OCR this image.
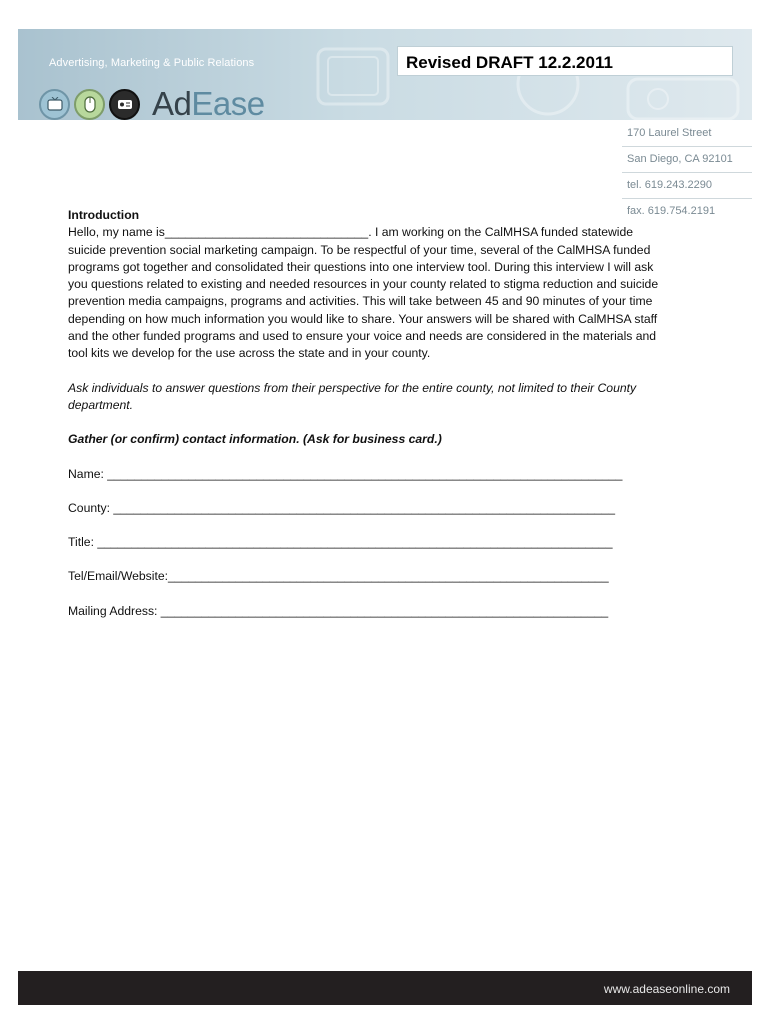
Advertising, Marketing & Public Relations	Revised DRAFT 12.2.2011
AdEase
170 Laurel Street
San Diego, CA 92101
tel. 619.243.2290
fax. 619.754.2191
Introduction

Hello, my name is______________________________. I am working on the CalMHSA funded statewide suicide prevention social marketing campaign. To be respectful of your time, several of the CalMHSA funded programs got together and consolidated their questions into one interview tool. During this interview I will ask you questions related to existing and needed resources in your county related to stigma reduction and suicide prevention media campaigns, programs and activities. This will take between 45 and 90 minutes of your time depending on how much information you would like to share. Your answers will be shared with CalMHSA staff and the other funded programs and used to ensure your voice and needs are considered in the materials and tool kits we develop for the use across the state and in your county.

Ask individuals to answer questions from their perspective for the entire county, not limited to their County department.
Gather (or confirm) contact information. (Ask for business card.)
Name: ____________________________________________________________________________
County: __________________________________________________________________________
Title: ____________________________________________________________________________
Tel/Email/Website:_________________________________________________________________
Mailing Address: __________________________________________________________________
www.adeaseonline.com
